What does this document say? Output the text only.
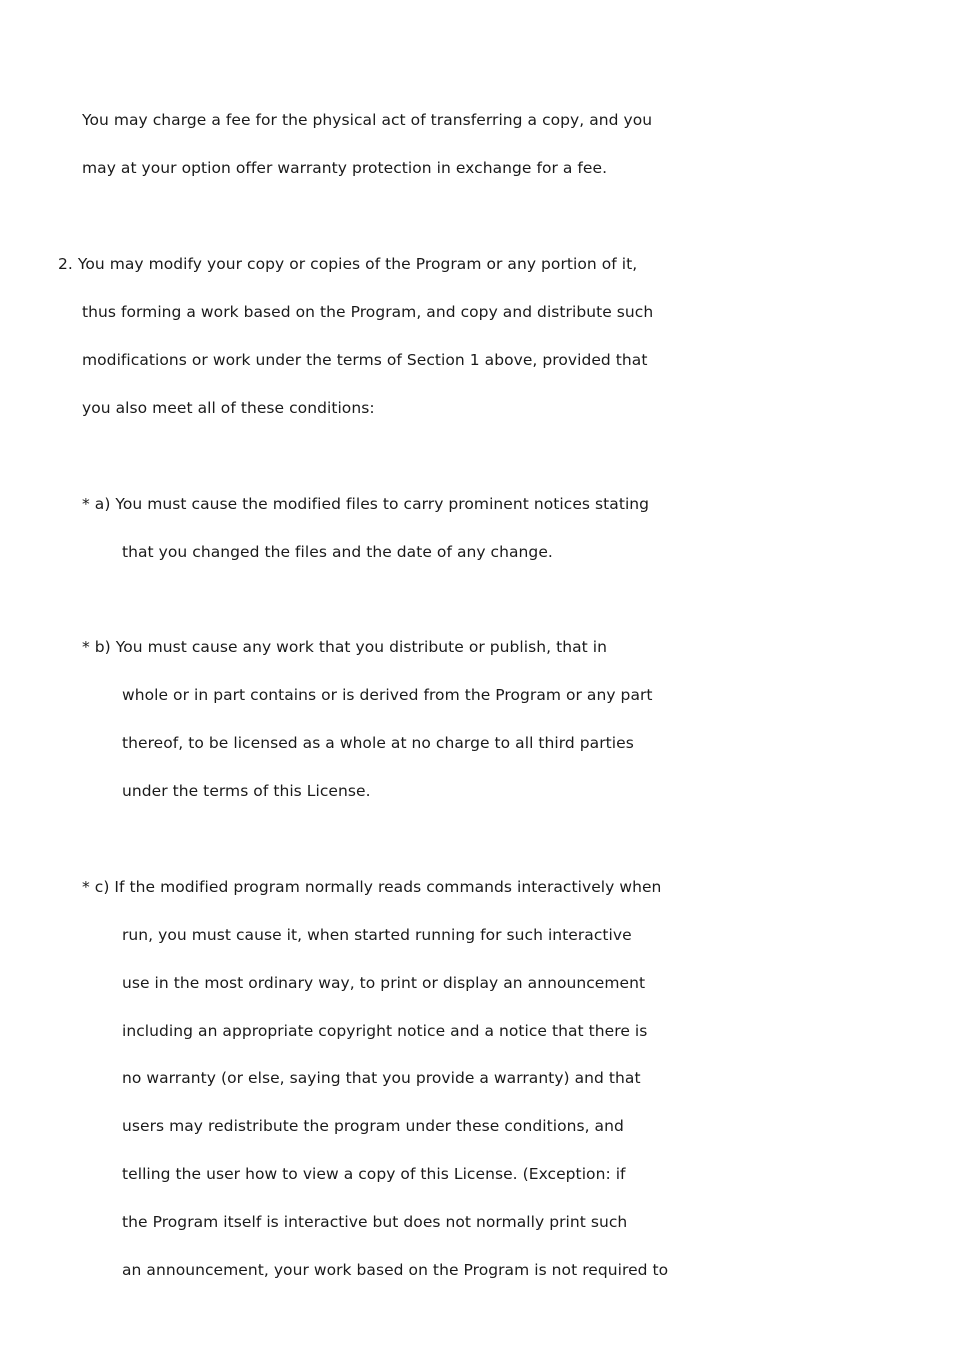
You may charge a fee for the physical act of transferring a copy, and you
may at your option offer warranty protection in exchange for a fee.
2. You may modify your copy or copies of the Program or any portion of it,
thus forming a work based on the Program, and copy and distribute such
modifications or work under the terms of Section 1 above, provided that
you also meet all of these conditions:
* a) You must cause the modified files to carry prominent notices stating
that you changed the files and the date of any change.
* b) You must cause any work that you distribute or publish, that in
whole or in part contains or is derived from the Program or any part
thereof, to be licensed as a whole at no charge to all third parties
under the terms of this License.
* c) If the modified program normally reads commands interactively when
run, you must cause it, when started running for such interactive
use in the most ordinary way, to print or display an announcement
including an appropriate copyright notice and a notice that there is
no warranty (or else, saying that you provide a warranty) and that
users may redistribute the program under these conditions, and
telling the user how to view a copy of this License. (Exception: if
the Program itself is interactive but does not normally print such
an announcement, your work based on the Program is not required to
